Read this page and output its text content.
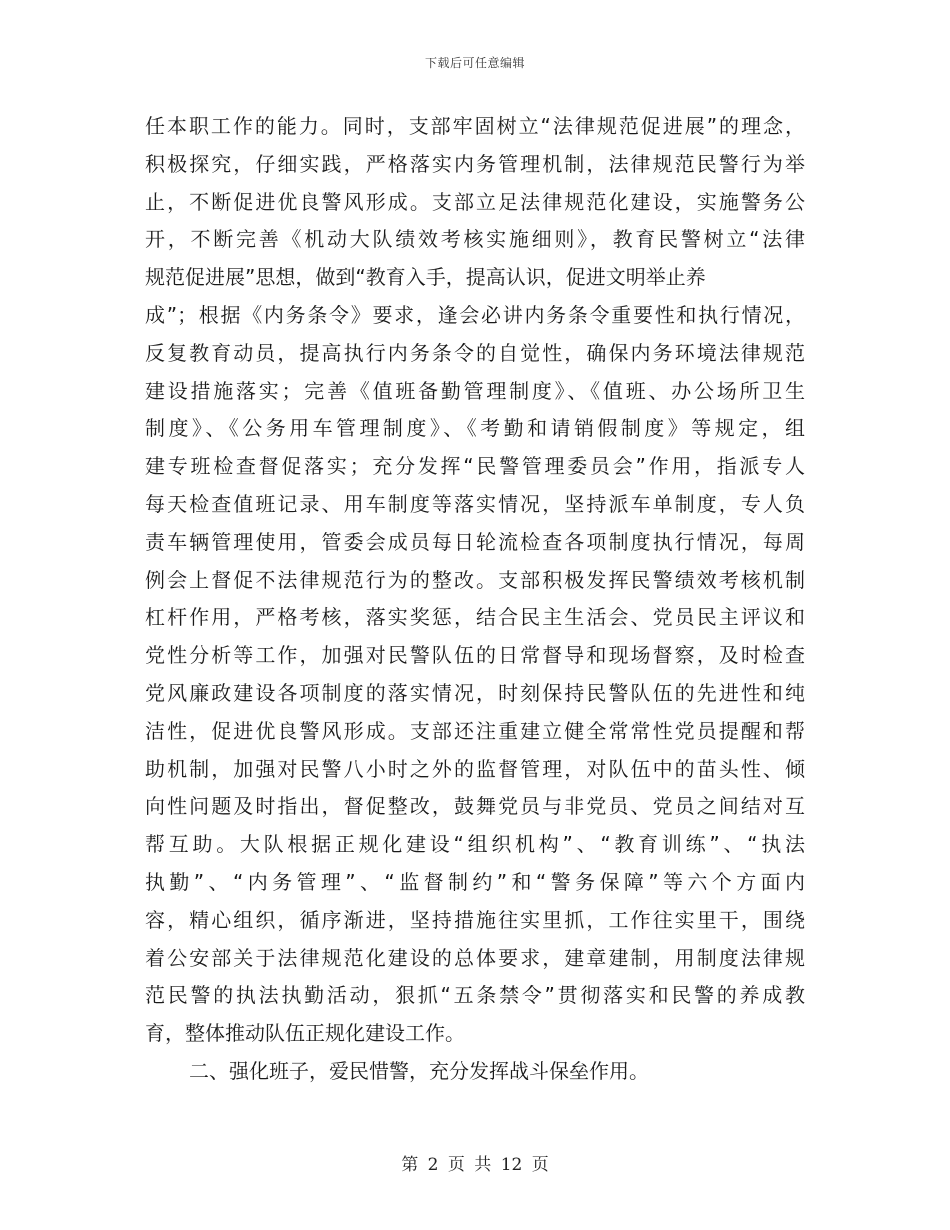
下载后可任意编辑
任本职工作的能力。同时，支部牢固树立“法律规范促进展”的理念，
积极探究，仔细实践，严格落实内务管理机制，法律规范民警行为举
止，不断促进优良警风形成。支部立足法律规范化建设，实施警务公
开，不断完善《机动大队绩效考核实施细则》，教育民警树立“法律
规范促进展”思想，做到“教育入手，提高认识，促进文明举止养
成”；根据《内务条令》要求，逢会必讲内务条令重要性和执行情况，
反复教育动员，提高执行内务条令的自觉性，确保内务环境法律规范
建设措施落实；完善《值班备勤管理制度》、《值班、办公场所卫生
制度》、《公务用车管理制度》、《考勤和请销假制度》等规定，组
建专班检查督促落实；充分发挥“民警管理委员会”作用，指派专人
每天检查值班记录、用车制度等落实情况，坚持派车单制度，专人负
责车辆管理使用，管委会成员每日轮流检查各项制度执行情况，每周
例会上督促不法律规范行为的整改。支部积极发挥民警绩效考核机制
杠杆作用，严格考核，落实奖惩，结合民主生活会、党员民主评议和
党性分析等工作，加强对民警队伍的日常督导和现场督察，及时检查
党风廉政建设各项制度的落实情况，时刻保持民警队伍的先进性和纯
洁性，促进优良警风形成。支部还注重建立健全常常性党员提醒和帮
助机制，加强对民警八小时之外的监督管理，对队伍中的苗头性、倾
向性问题及时指出，督促整改，鼓舞党员与非党员、党员之间结对互
帮互助。大队根据正规化建设“组织机构”、“教育训练”、“执法
执勤”、“内务管理”、“监督制约”和“警务保障”等六个方面内
容，精心组织，循序渐进，坚持措施往实里抓，工作往实里干，围绕
着公安部关于法律规范化建设的总体要求，建章建制，用制度法律规
范民警的执法执勤活动，狠抓“五条禁令”贯彻落实和民警的养成教
育，整体推动队伍正规化建设工作。
二、强化班子，爱民惜警，充分发挥战斗保垒作用。
第 2 页 共 12 页
